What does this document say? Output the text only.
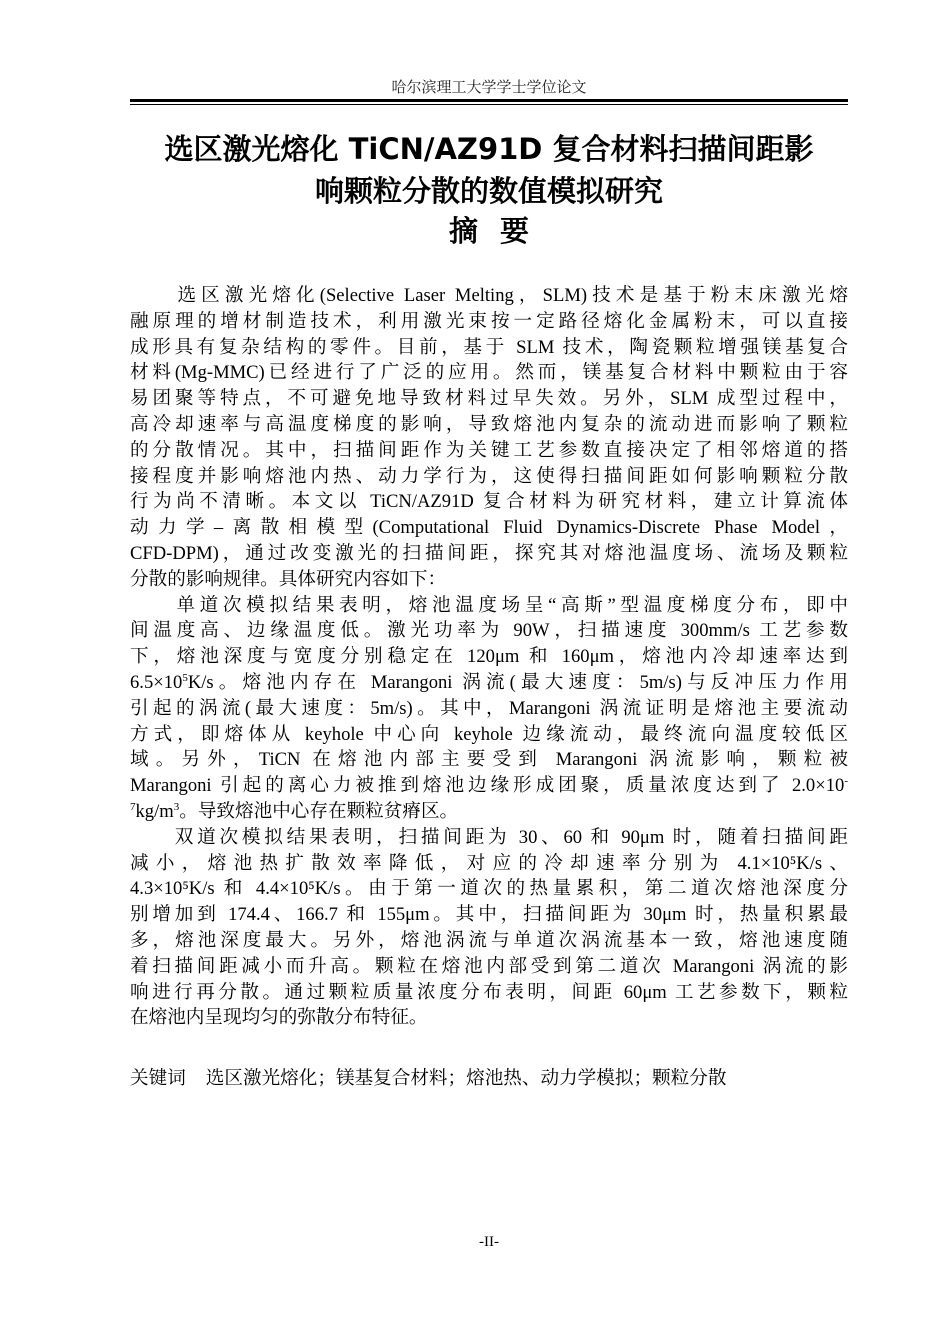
哈尔滨理工大学学士学位论文
选区激光熔化 TiCN/AZ91D 复合材料扫描间距影
响颗粒分散的数值模拟研究
摘要
　　选区激光熔化(Selective Laser Melting，SLM)技术是基于粉末床激光熔
融原理的增材制造技术，利用激光束按一定路径熔化金属粉末，可以直接
成形具有复杂结构的零件。目前，基于 SLM 技术，陶瓷颗粒增强镁基复合
材料(Mg-MMC)已经进行了广泛的应用。然而，镁基复合材料中颗粒由于容
易团聚等特点，不可避免地导致材料过早失效。另外，SLM 成型过程中，
高冷却速率与高温度梯度的影响，导致熔池内复杂的流动进而影响了颗粒
的分散情况。其中，扫描间距作为关键工艺参数直接决定了相邻熔道的搭
接程度并影响熔池内热、动力学行为，这使得扫描间距如何影响颗粒分散
行为尚不清晰。本文以 TiCN/AZ91D 复合材料为研究材料，建立计算流体
动力学–离散相模型(Computational Fluid Dynamics-Discrete Phase Model，
CFD-DPM)，通过改变激光的扫描间距，探究其对熔池温度场、流场及颗粒
分散的影响规律。具体研究内容如下：
　　单道次模拟结果表明，熔池温度场呈“高斯”型温度梯度分布，即中
间温度高、边缘温度低。激光功率为 90W，扫描速度 300mm/s 工艺参数
下，熔池深度与宽度分别稳定在 120μm 和 160μm，熔池内冷却速率达到
$6.5\times 10^5K/s$。熔池内存在 Marangoni 涡流(最大速度：5m/s)与反冲压力作用
引起的涡流(最大速度：5m/s)。其中，Marangoni 涡流证明是熔池主要流动
方式，即熔体从 keyhole 中心向 keyhole 边缘流动，最终流向温度较低区
域。另外，TiCN 在熔池内部主要受到 Marangoni 涡流影响，颗粒被
Marangoni 引起的离心力被推到熔池边缘形成团聚，质量浓度达到了 2.0×10-
$^7kg/m^3$。导致熔池中心存在颗粒贫瘠区。
　　双道次模拟结果表明，扫描间距为 30、60 和 90μm 时，随着扫描间距
减小，熔池热扩散效率降低，对应的冷却速率分别为 4.1×10⁵K/s、
4.3×10⁵K/s 和 4.4×10⁵K/s。由于第一道次的热量累积，第二道次熔池深度分
别增加到 174.4、166.7 和 155μm。其中，扫描间距为 30μm 时，热量积累最
多，熔池深度最大。另外，熔池涡流与单道次涡流基本一致，熔池速度随
着扫描间距减小而升高。颗粒在熔池内部受到第二道次 Marangoni 涡流的影
响进行再分散。通过颗粒质量浓度分布表明，间距 60μm 工艺参数下，颗粒
在熔池内呈现均匀的弥散分布特征。
关键词 选区激光熔化；镁基复合材料；熔池热、动力学模拟；颗粒分散
-II-
